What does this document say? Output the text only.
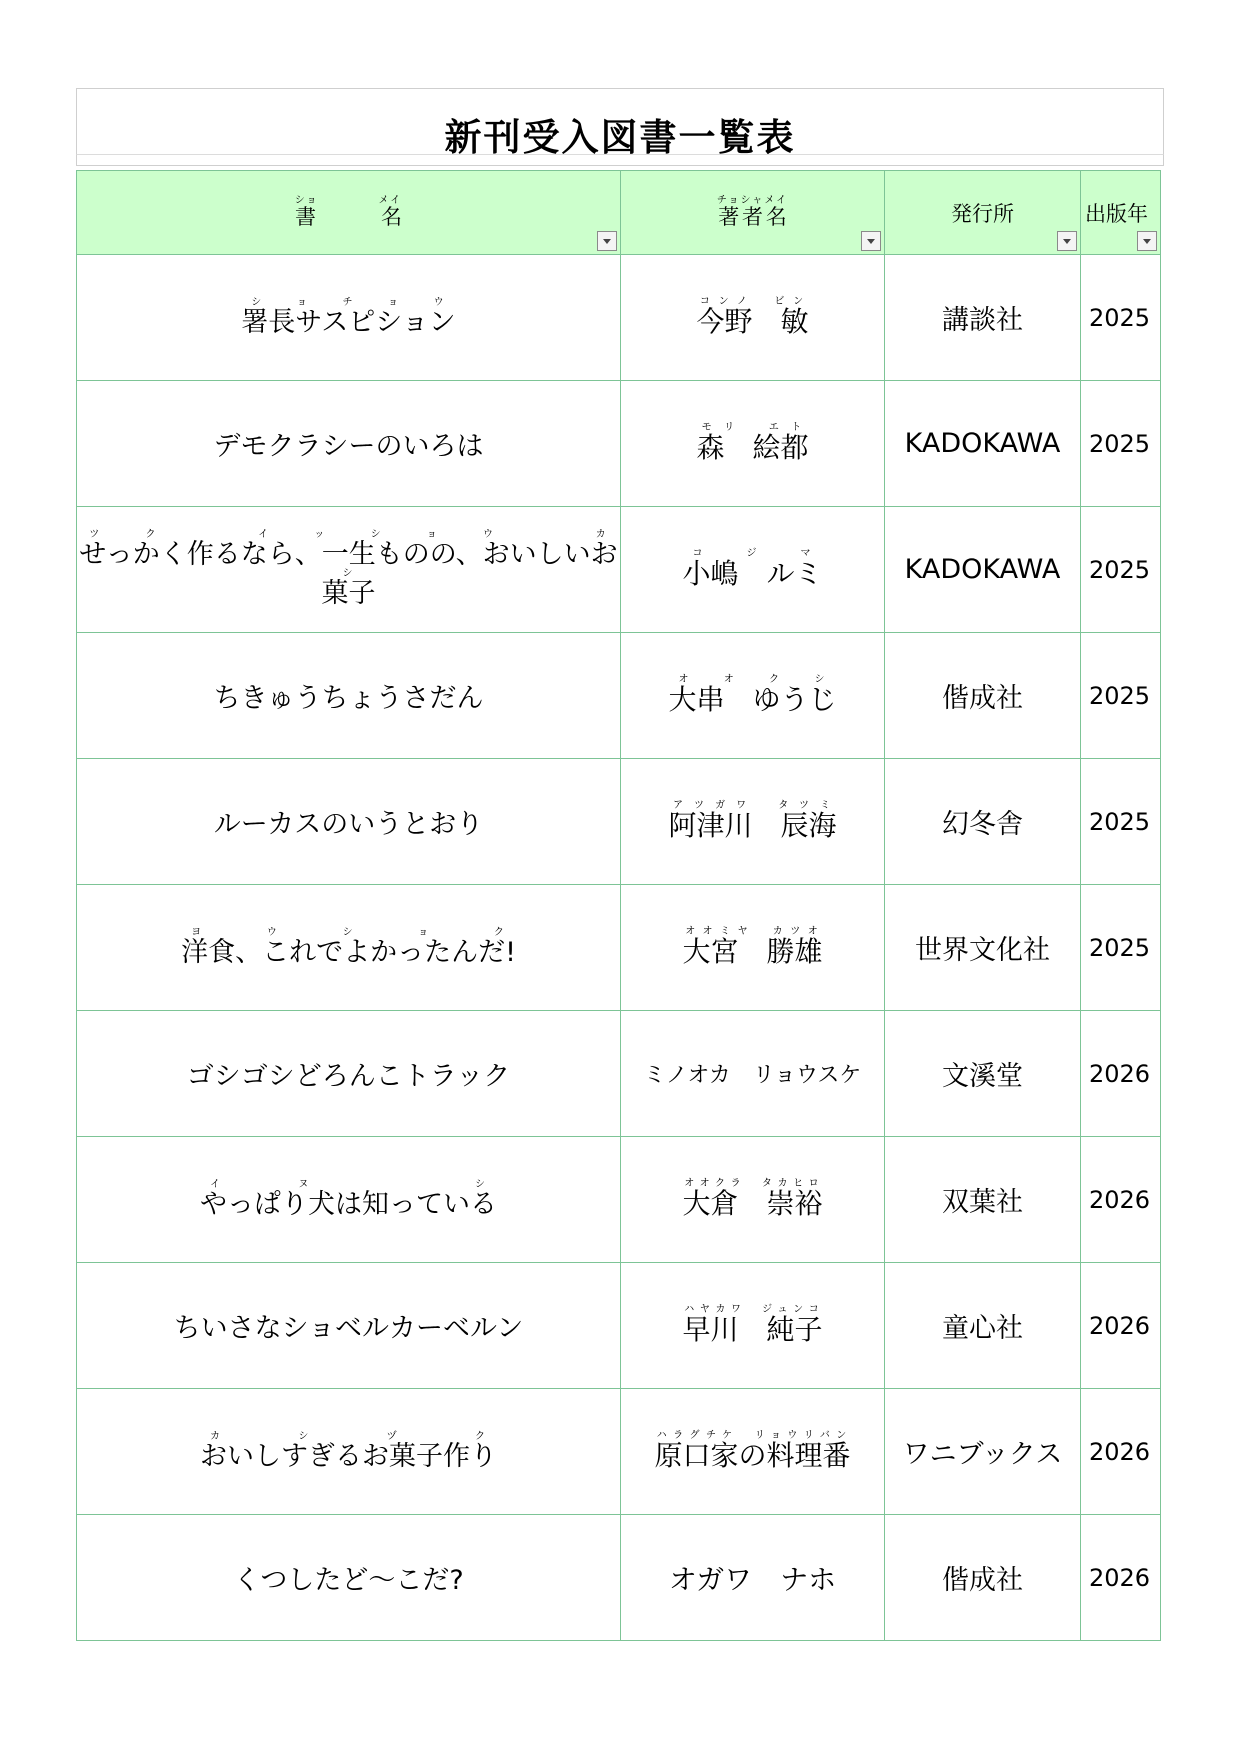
新刊受入図書一覧表
書　　　名ショ　　　　　 メイ	著者名チョシャメイ	発行所	出版年

署長サスピションショチョウ	今野　敏コンノ　ビン	講談社	2025
デモクラシーのいろは	森　絵都モリ　エト	KADOKAWA	2025
せっかく作るなら、一生ものの、おいしいお菓子ツク　イッショウ　カシ	小嶋　ルミコジマ	KADOKAWA	2025
ちきゅうちょうさだん	大串　ゆうじオオクシ	偕成社	2025
ルーカスのいうとおり	阿津川　辰海アツガワ　タツミ	幻冬舎	2025
洋食、これでよかったんだ!ヨウショク	大宮　勝雄オオミヤ　カツオ	世界文化社	2025
ゴシゴシどろんこトラック	ミノオカ　リョウスケ	文溪堂	2026
やっぱり犬は知っているイヌ　シ	大倉　崇裕オオクラ　タカヒロ	双葉社	2026
ちいさなショベルカーベルン	早川　純子ハヤカワ　ジュンコ	童心社	2026
おいしすぎるお菓子作りカシヅク	原口家の料理番ハラグチケ　リョウリバン	ワニブックス	2026
くつしたど～こだ?	オガワ　ナホ	偕成社	2026
